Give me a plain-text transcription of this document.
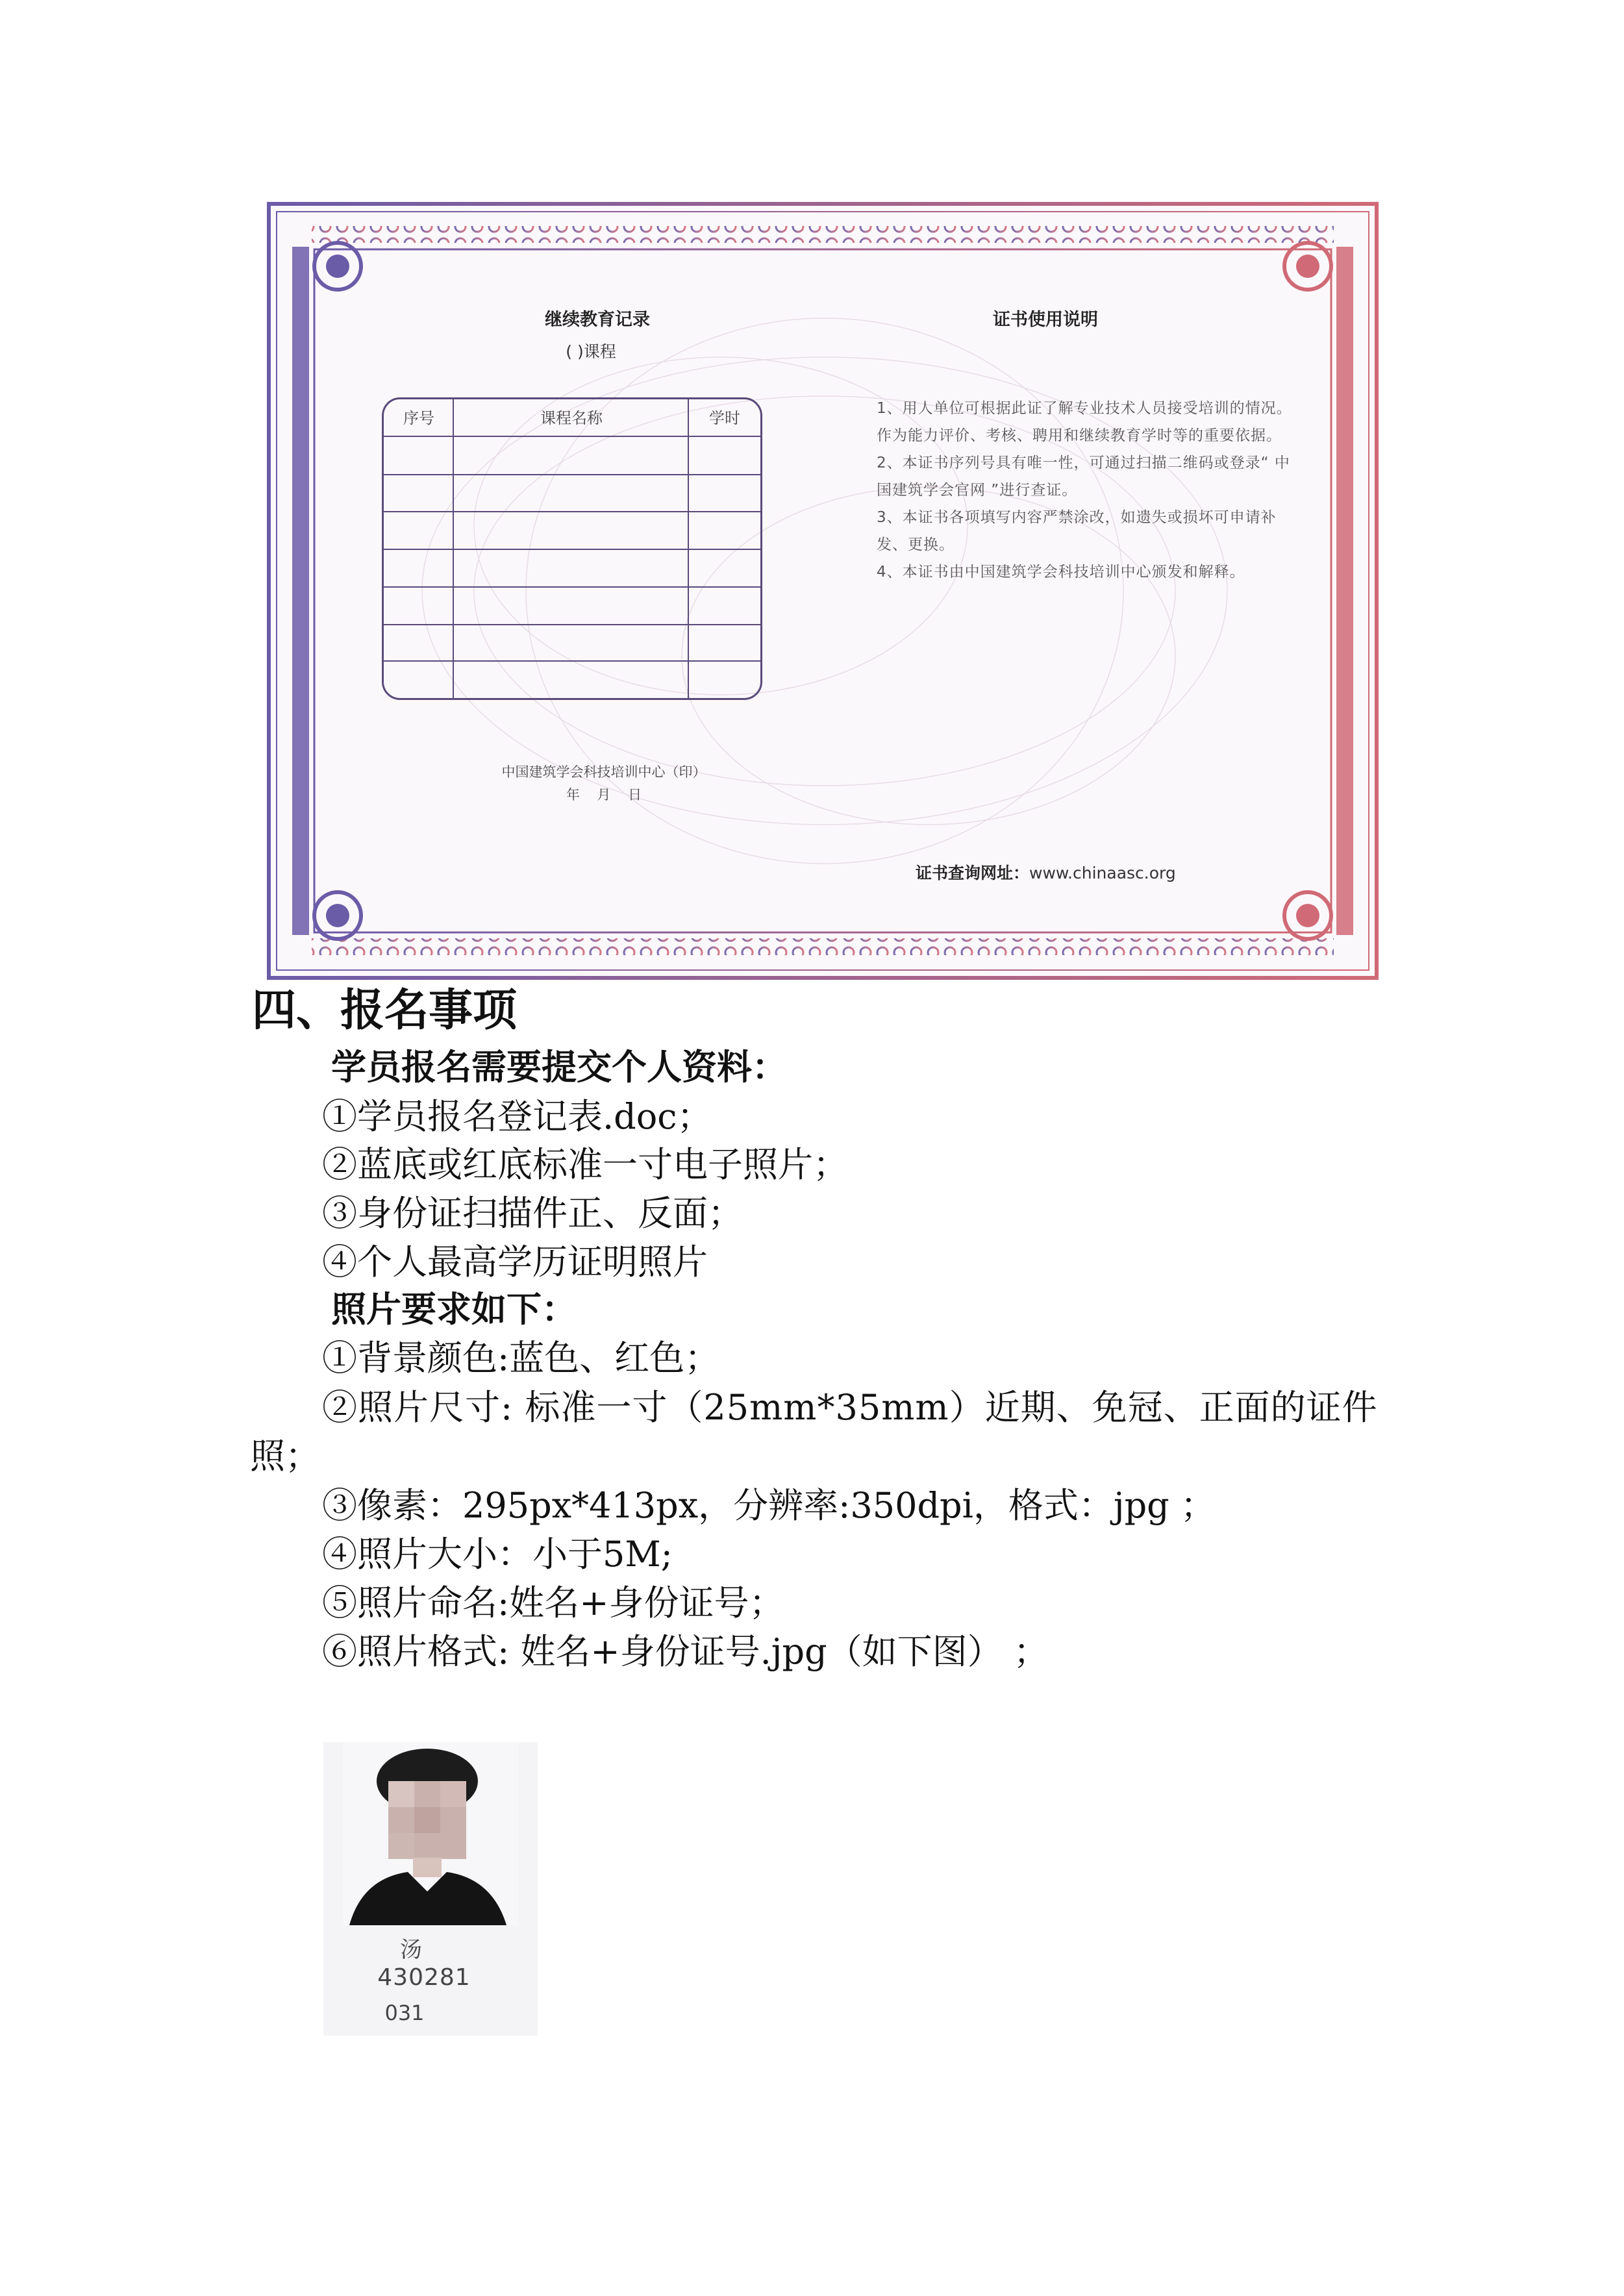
继续教育记录
( )课程
证书使用说明
序号	课程名称	学时

1、用人单位可根据此证了解专业技术人员接受培训的情况。作为能力评价、考核、聘用和继续教育学时等的重要依据。

2、本证书序列号具有唯一性，可通过扫描二维码或登录“ 中国建筑学会官网 ”进行查证。

3、本证书各项填写内容严禁涂改，如遗失或损坏可申请补发、更换。

4、本证书由中国建筑学会科技培训中心颁发和解释。

中国建筑学会科技培训中心（印）
年 月 日
证书查询网址：www.chinaasc.org
四、报名事项
学员报名需要提交个人资料：
①学员报名登记表.doc；
②蓝底或红底标准一寸电子照片；
③身份证扫描件正、反面；
④个人最高学历证明照片
照片要求如下：
①背景颜色:蓝色、红色；
②照片尺寸: 标准一寸（25mm*35mm）近期、免冠、正面的证件
照；
③像素：295px*413px，分辨率:350dpi，格式：jpg ；
④照片大小：小于5M;
⑤照片命名:姓名+身份证号；
⑥照片格式: 姓名+身份证号.jpg（如下图） ；
汤
430281
031
